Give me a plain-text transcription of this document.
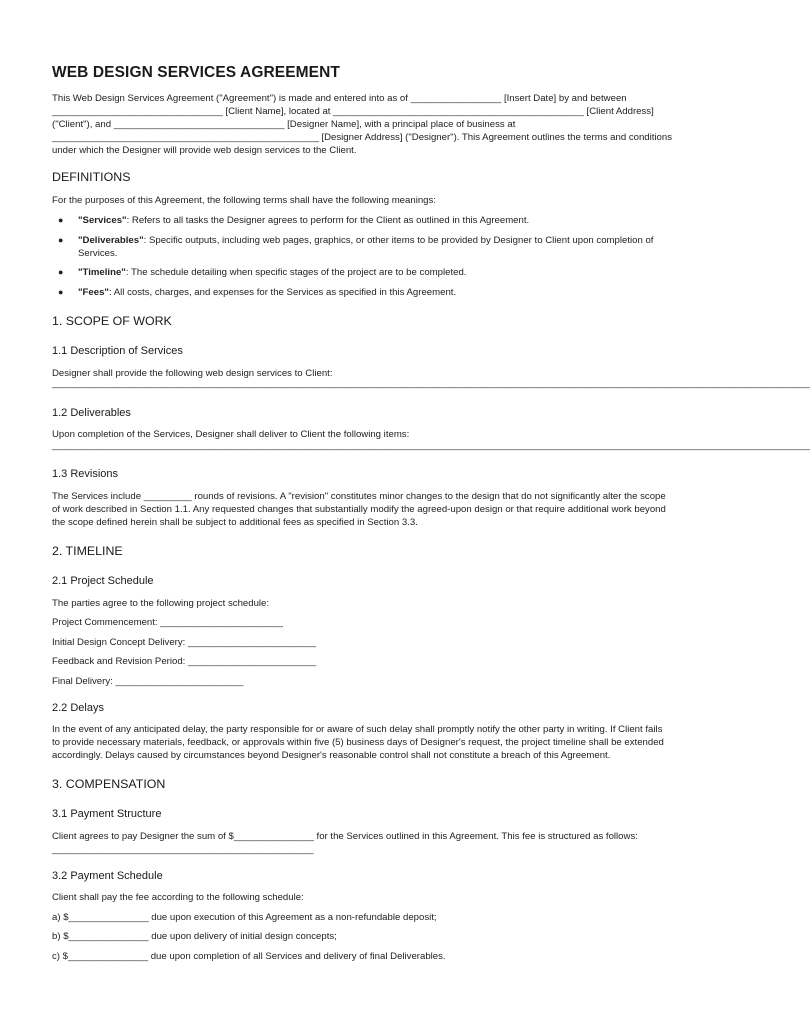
WEB DESIGN SERVICES AGREEMENT
This Web Design Services Agreement ("Agreement") is made and entered into as of _________________ [Insert Date] by and between
________________________________ [Client Name], located at _______________________________________________ [Client Address]
("Client"), and ________________________________ [Designer Name], with a principal place of business at
__________________________________________________ [Designer Address] ("Designer"). This Agreement outlines the terms and conditions
under which the Designer will provide web design services to the Client.
DEFINITIONS
For the purposes of this Agreement, the following terms shall have the following meanings:
● "Services": Refers to all tasks the Designer agrees to perform for the Client as outlined in this Agreement.
● "Deliverables": Specific outputs, including web pages, graphics, or other items to be provided by Designer to Client upon completion of
Services.
● "Timeline": The schedule detailing when specific stages of the project are to be completed.
● "Fees": All costs, charges, and expenses for the Services as specified in this Agreement.
1. SCOPE OF WORK
1.1 Description of Services
Designer shall provide the following web design services to Client:
______________________________________________________________________________________________________________________________________________
1.2 Deliverables
Upon completion of the Services, Designer shall deliver to Client the following items:
______________________________________________________________________________________________________________________________________________
1.3 Revisions
The Services include _________ rounds of revisions. A "revision" constitutes minor changes to the design that do not significantly alter the scope
of work described in Section 1.1. Any requested changes that substantially modify the agreed-upon design or that require additional work beyond
the scope defined herein shall be subject to additional fees as specified in Section 3.3.
2. TIMELINE
2.1 Project Schedule
The parties agree to the following project schedule:
Project Commencement: _______________________
Initial Design Concept Delivery: ________________________
Feedback and Revision Period: ________________________
Final Delivery: ________________________
2.2 Delays
In the event of any anticipated delay, the party responsible for or aware of such delay shall promptly notify the other party in writing. If Client fails
to provide necessary materials, feedback, or approvals within five (5) business days of Designer's request, the project timeline shall be extended
accordingly. Delays caused by circumstances beyond Designer's reasonable control shall not constitute a breach of this Agreement.
3. COMPENSATION
3.1 Payment Structure
Client agrees to pay Designer the sum of $_______________ for the Services outlined in this Agreement. This fee is structured as follows:
_________________________________________________
3.2 Payment Schedule
Client shall pay the fee according to the following schedule:
a) $_______________ due upon execution of this Agreement as a non-refundable deposit;
b) $_______________ due upon delivery of initial design concepts;
c) $_______________ due upon completion of all Services and delivery of final Deliverables.
